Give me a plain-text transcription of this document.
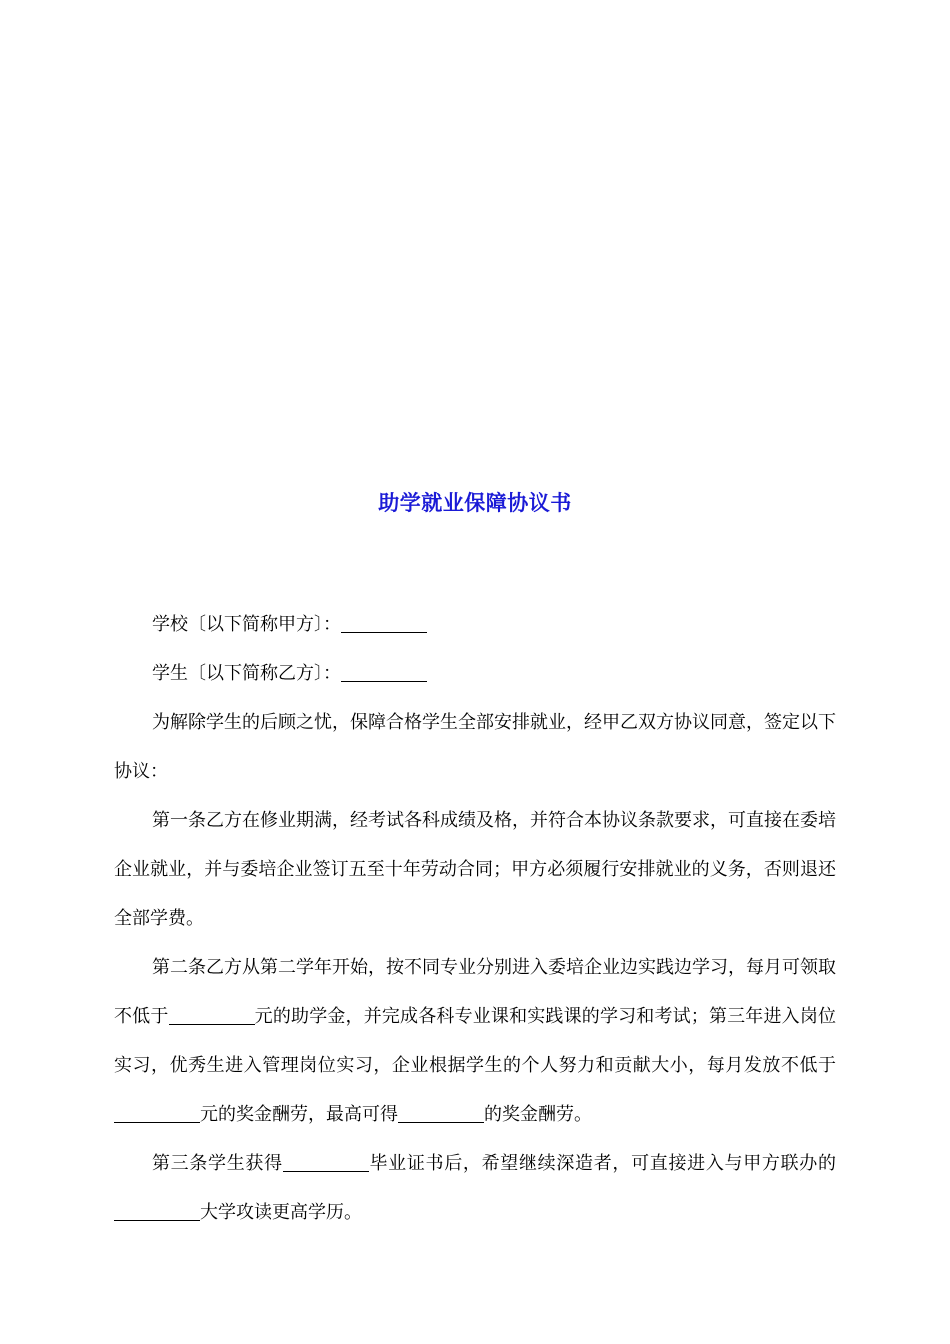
助学就业保障协议书

学校〔以下简称甲方〕：

学生〔以下简称乙方〕：

为解除学生的后顾之忧，保障合格学生全部安排就业，经甲乙双方协议同意，签定以下协议：

第一条乙方在修业期满，经考试各科成绩及格，并符合本协议条款要求，可直接在委培企业就业，并与委培企业签订五至十年劳动合同；甲方必须履行安排就业的义务，否则退还全部学费。

第二条乙方从第二学年开始，按不同专业分别进入委培企业边实践边学习，每月可领取不低于	元的助学金，并完成各科专业课和实践课的学习和考试；第三年进入岗位实习，优秀生进入管理岗位实习，企业根据学生的个人努力和贡献大小，每月发放不低于元的奖金酬劳，最高可得	的奖金酬劳。

第三条学生获得	毕业证书后，希望继续深造者，可直接进入与甲方联办的大学攻读更高学历。
